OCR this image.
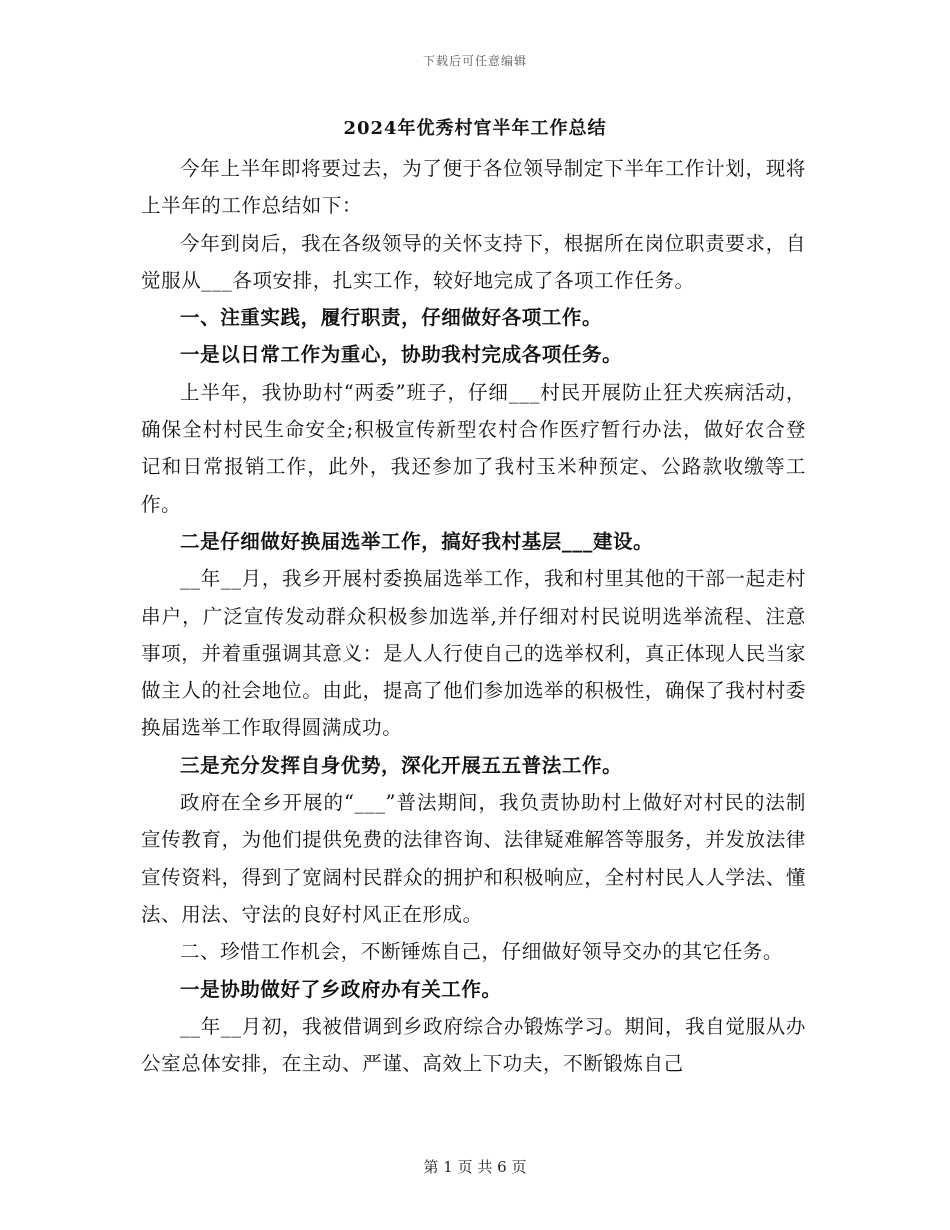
下载后可任意编辑
2024年优秀村官半年工作总结

今年上半年即将要过去，为了便于各位领导制定下半年工作计划，现将上半年的工作总结如下：

今年到岗后，我在各级领导的关怀支持下，根据所在岗位职责要求，自觉服从___各项安排，扎实工作，较好地完成了各项工作任务。

一、注重实践，履行职责，仔细做好各项工作。

一是以日常工作为重心，协助我村完成各项任务。

上半年，我协助村“两委”班子，仔细___村民开展防止狂犬疾病活动，确保全村村民生命安全;积极宣传新型农村合作医疗暂行办法，做好农合登记和日常报销工作，此外，我还参加了我村玉米种预定、公路款收缴等工作。

二是仔细做好换届选举工作，搞好我村基层___建设。

__年__月，我乡开展村委换届选举工作，我和村里其他的干部一起走村串户，广泛宣传发动群众积极参加选举,并仔细对村民说明选举流程、注意事项，并着重强调其意义：是人人行使自己的选举权利，真正体现人民当家做主人的社会地位。由此，提高了他们参加选举的积极性，确保了我村村委换届选举工作取得圆满成功。

三是充分发挥自身优势，深化开展五五普法工作。

政府在全乡开展的“___”普法期间，我负责协助村上做好对村民的法制宣传教育，为他们提供免费的法律咨询、法律疑难解答等服务，并发放法律宣传资料，得到了宽阔村民群众的拥护和积极响应，全村村民人人学法、懂法、用法、守法的良好村风正在形成。

二、珍惜工作机会，不断锤炼自己，仔细做好领导交办的其它任务。

一是协助做好了乡政府办有关工作。

__年__月初，我被借调到乡政府综合办锻炼学习。期间，我自觉服从办公室总体安排，在主动、严谨、高效上下功夫，不断锻炼自己

第 1 页 共 6 页
